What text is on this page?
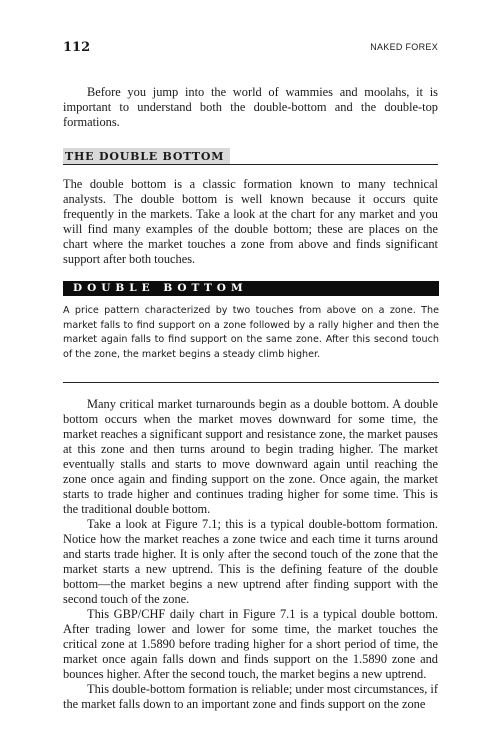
112	NAKED FOREX

Before you jump into the world of wammies and moolahs, it is important to understand both the double-bottom and the double-top formations.

THE DOUBLE BOTTOM

The double bottom is a classic formation known to many technical analysts. The double bottom is well known because it occurs quite frequently in the markets. Take a look at the chart for any market and you will find many examples of the double bottom; these are places on the chart where the market touches a zone from above and finds significant support after both touches.

DOUBLE BOTTOM

A price pattern characterized by two touches from above on a zone. The market falls to find support on a zone followed by a rally higher and then the market again falls to find support on the same zone. After this second touch of the zone, the market begins a steady climb higher.

Many critical market turnarounds begin as a double bottom. A double bottom occurs when the market moves downward for some time, the market reaches a significant support and resistance zone, the market pauses at this zone and then turns around to begin trading higher. The market eventually stalls and starts to move downward again until reaching the zone once again and finding support on the zone. Once again, the market starts to trade higher and continues trading higher for some time. This is the traditional double bottom.

Take a look at Figure 7.1; this is a typical double-bottom formation. Notice how the market reaches a zone twice and each time it turns around and starts trade higher. It is only after the second touch of the zone that the market starts a new uptrend. This is the defining feature of the double bottom—the market begins a new uptrend after finding support with the second touch of the zone.

This GBP/CHF daily chart in Figure 7.1 is a typical double bottom. After trading lower and lower for some time, the market touches the critical zone at 1.5890 before trading higher for a short period of time, the market once again falls down and finds support on the 1.5890 zone and bounces higher. After the second touch, the market begins a new uptrend.

This double-bottom formation is reliable; under most circumstances, if the market falls down to an important zone and finds support on the zone
